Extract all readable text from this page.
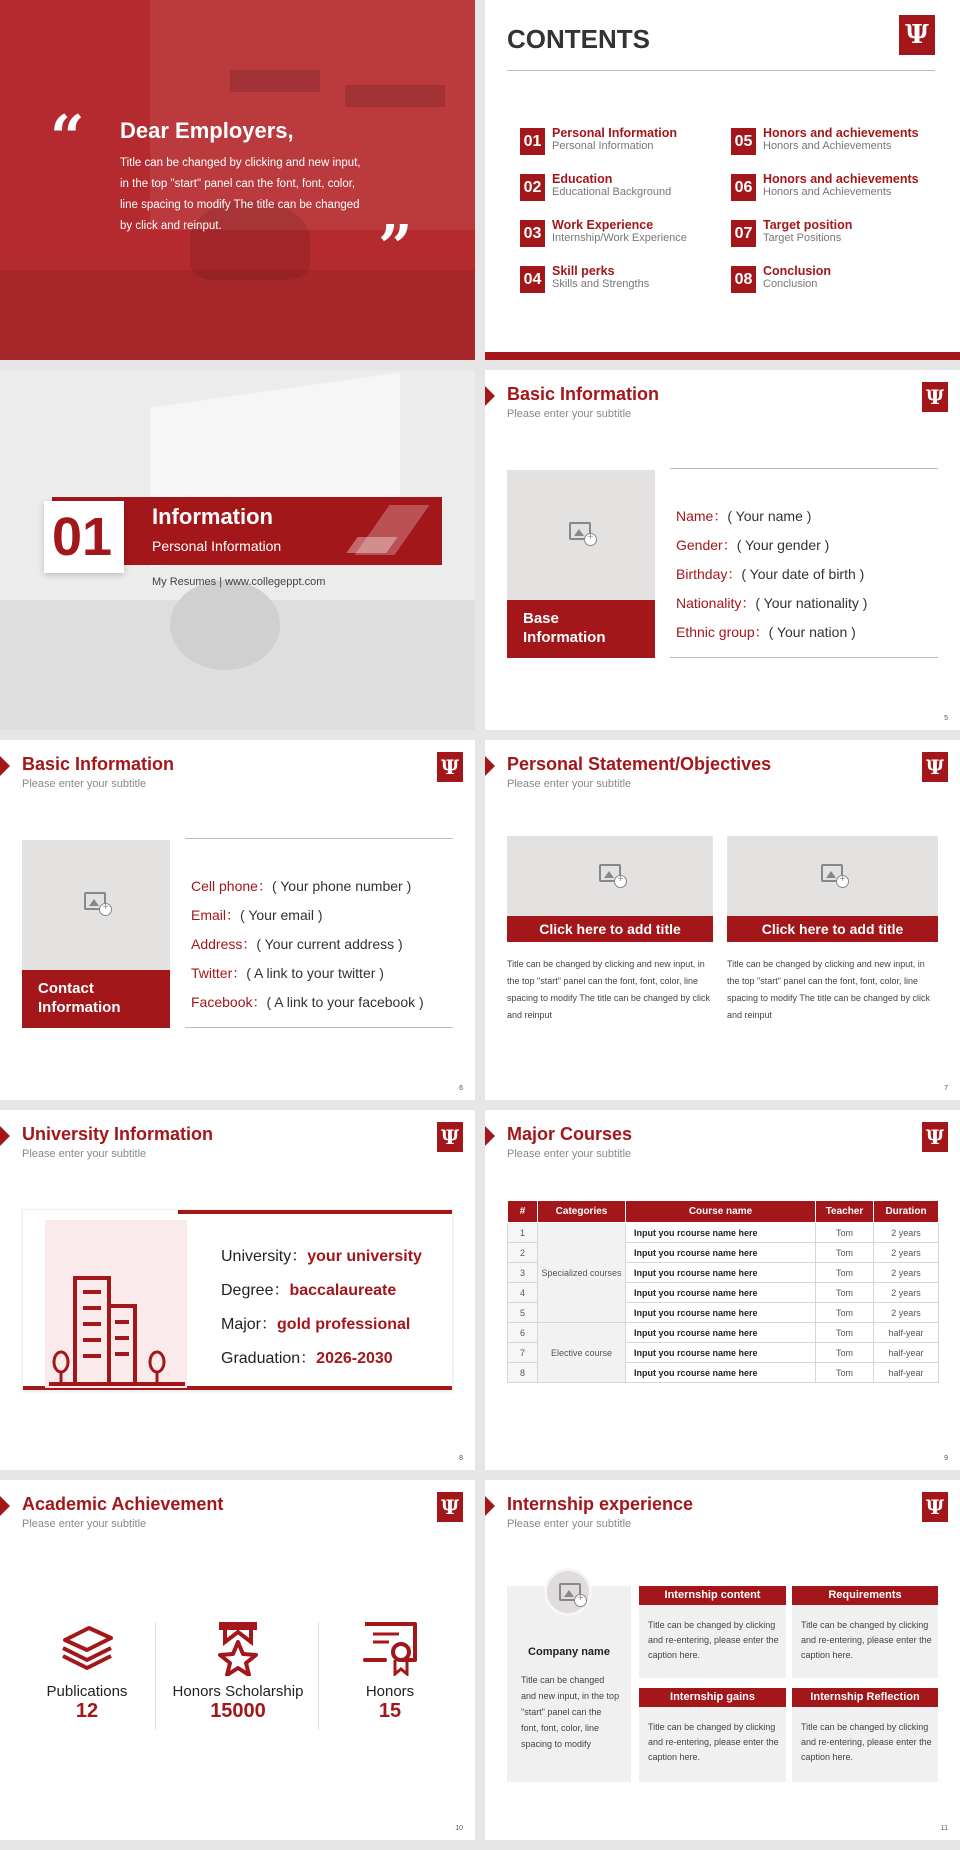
“ Dear Employers,
Title can be changed by clicking and new input, in the top "start" panel can the font, font, color, line spacing to modify The title can be changed by click and reinput.	”
CONTENTS	Ψ
01 Personal Information
Personal Information
02 Education
Educational Background
03 Work Experience
Internship/Work Experience
04 Skill perks
Skills and Strengths
05 Honors and achievements
Honors and Achievements
06 Honors and achievements
Honors and Achievements
07 Target position
Target Positions
08 Conclusion
Conclusion
01 Information
Personal Information
My Resumes | www.collegeppt.com
Basic Information
Please enter your subtitle
Ψ
+
Base Information
Name：( Your name )
Gender：( Your gender )
Birthday：( Your date of birth )
Nationality：( Your nationality )
Ethnic group：( Your nation )
5
Basic Information
Please enter your subtitle
Ψ
+
Contact Information
Cell phone：( Your phone number )
Email：( Your email )
Address：( Your current address )
Twitter：( A link to your twitter )
Facebook：( A link to your facebook )
6
Personal Statement/Objectives
Please enter your subtitle
Ψ
+
Click here to add title
Title can be changed by clicking and new input, in the top "start" panel can the font, font, color, line spacing to modify The title can be changed by click and reinput
+
Click here to add title
Title can be changed by clicking and new input, in the top "start" panel can the font, font, color, line spacing to modify The title can be changed by click and reinput
7
University Information
Please enter your subtitle
Ψ
University：your university
Degree：baccalaureate
Major：gold professional
Graduation：2026-2030
8
Major Courses
Please enter your subtitle
Ψ
#	Categories	Course name	Teacher	Duration
1	Specialized courses	Input you rcourse name here	Tom	2 years
2		Input you rcourse name here	Tom	2 years
3		Input you rcourse name here	Tom	2 years
4		Input you rcourse name here	Tom	2 years
5		Input you rcourse name here	Tom	2 years
6	Elective course	Input you rcourse name here	Tom	half-year
7		Input you rcourse name here	Tom	half-year
8		Input you rcourse name here	Tom	half-year
9
Academic Achievement
Please enter your subtitle
Ψ
Publications
12
Honors Scholarship
15000
Honors
15
10
Internship experience
Please enter your subtitle
Ψ
+
Company name
Title can be changed and new input, in the top "start" panel can the font, font, color, line spacing to modify
Internship content
Title can be changed by clicking and re-entering, please enter the caption here.
Requirements
Title can be changed by clicking and re-entering, please enter the caption here.
Internship gains
Title can be changed by clicking and re-entering, please enter the caption here.
Internship Reflection
Title can be changed by clicking and re-entering, please enter the caption here.
11
